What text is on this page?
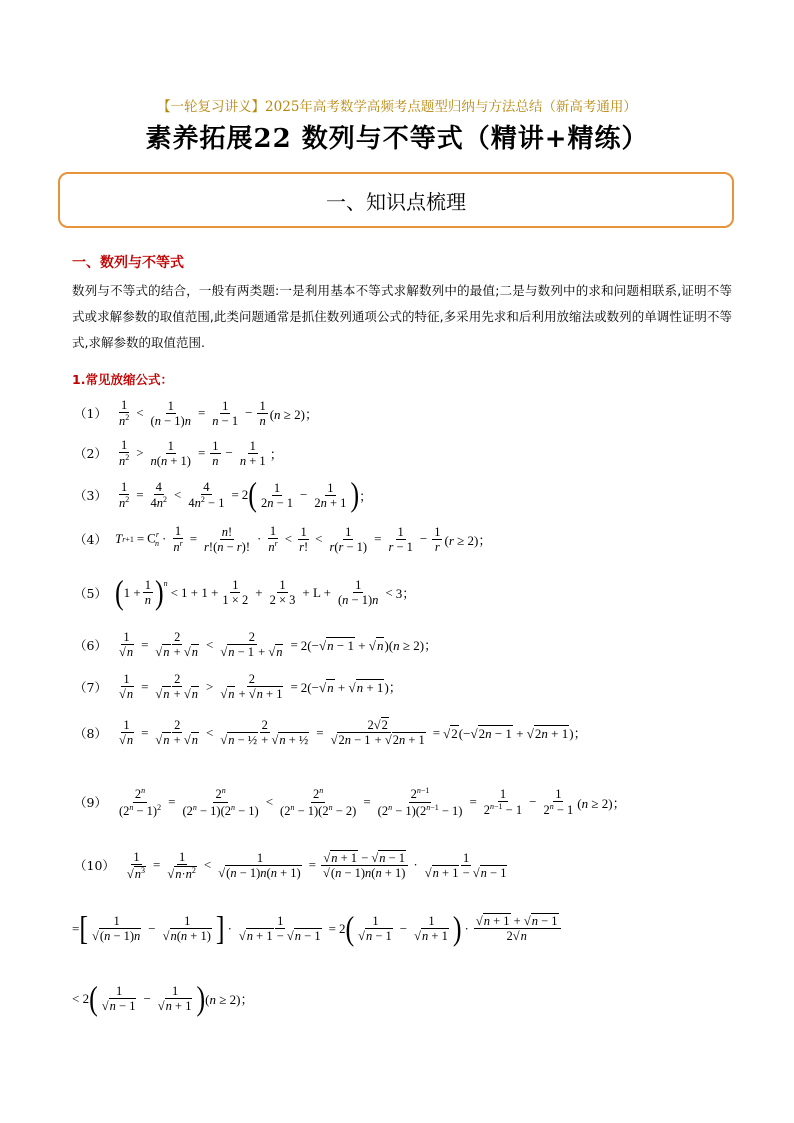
【一轮复习讲义】2025年高考数学高频考点题型归纳与方法总结（新高考通用）
素养拓展22 数列与不等式（精讲+精练）
一、知识点梳理
一、数列与不等式
数列与不等式的结合，一般有两类题:一是利用基本不等式求解数列中的最值;二是与数列中的求和问题相联系,证明不等式或求解参数的取值范围,此类问题通常是抓住数列通项公式的特征,多采用先求和后利用放缩法或数列的单调性证明不等式,求解参数的取值范围.
1.常见放缩公式：
$(1) \frac{1}{n^2} < \frac{1}{(n - 1)n} = \frac{1}{n - 1} - \frac{1}{n} (n \ge 2)$；
$(2) \frac{1}{n^2} > \frac{1}{n(n + 1)} = \frac{1}{n} - \frac{1}{n + 1}$ ；
$(3) \frac{1}{n^2} = \frac{4}{4n^2} < \frac{4}{4n^2 - 1} = 2$ ( $\frac{1}{2n - 1} - \frac{1}{2n + 1}$ ) ；
（4） T $r+1 = C^r_n \cdot \frac{1}{n^r} = \frac{n!}{r!(n - r)!} \cdot \frac{1}{n^r} < \frac{1}{r!} < \frac{1}{r(r - 1)} = \frac{1}{r - 1} - \frac{1}{r} (r \ge 2)$；
（5） ( $1 + \frac{1}{n}$ ) $^n$
< $1 + 1 + \frac{1}{1 \times 2} + \frac{1}{2 \times 3} + L + \frac{1}{(n - 1)n} < 3$；
（6） 1
√ n = 2
√ n + √ n < 2
√ n − 1 + √ n = 2(− √ n − 1 + √ n)(n ≥ 2)；
（7） 1
√ n = 2
√ n + √ n > 2
√ n + √ n + 1 = 2(− √ n + √ n + 1)；
（8） 1
√ n = 2
√ n + √ n < 2
√ n − ½ + √ n + ½ = 2 √ 2
√ 2n − 1 + √ 2n + 1 = √ 2(− √ 2n − 1 + √ 2n + 1)；
$(9) \frac{2^n}{(2^n - 1)^2} = \frac{2^n}{(2^n - 1)(2^n - 1)} < \frac{2^n}{(2^n - 1)(2^n - 2)} = \frac{2^{n-1}}{(2^n - 1)(2^{n-1} - 1)} = \frac{1}{2^{n-1} - 1} - \frac{1}{2^n - 1} (n \ge 2)$；
（10） 1
√ $n^3 = 1$
√ $n\cdot n^2 < 1$
√ (n − 1)n(n + 1) = √ n + 1 − √ n − 1
√ (n − 1)n(n + 1) · 1
√ n + 1 − √ n − 1
= [ 1
√ (n − 1)n − 1
√ n(n + 1) ] · 1
√ n + 1 − √ n − 1 = 2 ( 1
√ n − 1 − 1
√ n + 1 ) · √ $\frac{n + 1 + √ n - 1}{2 √ n}$
< 2 ( 1
√ n − 1 − 1
√ n + 1 ) (n ≥ 2)；
